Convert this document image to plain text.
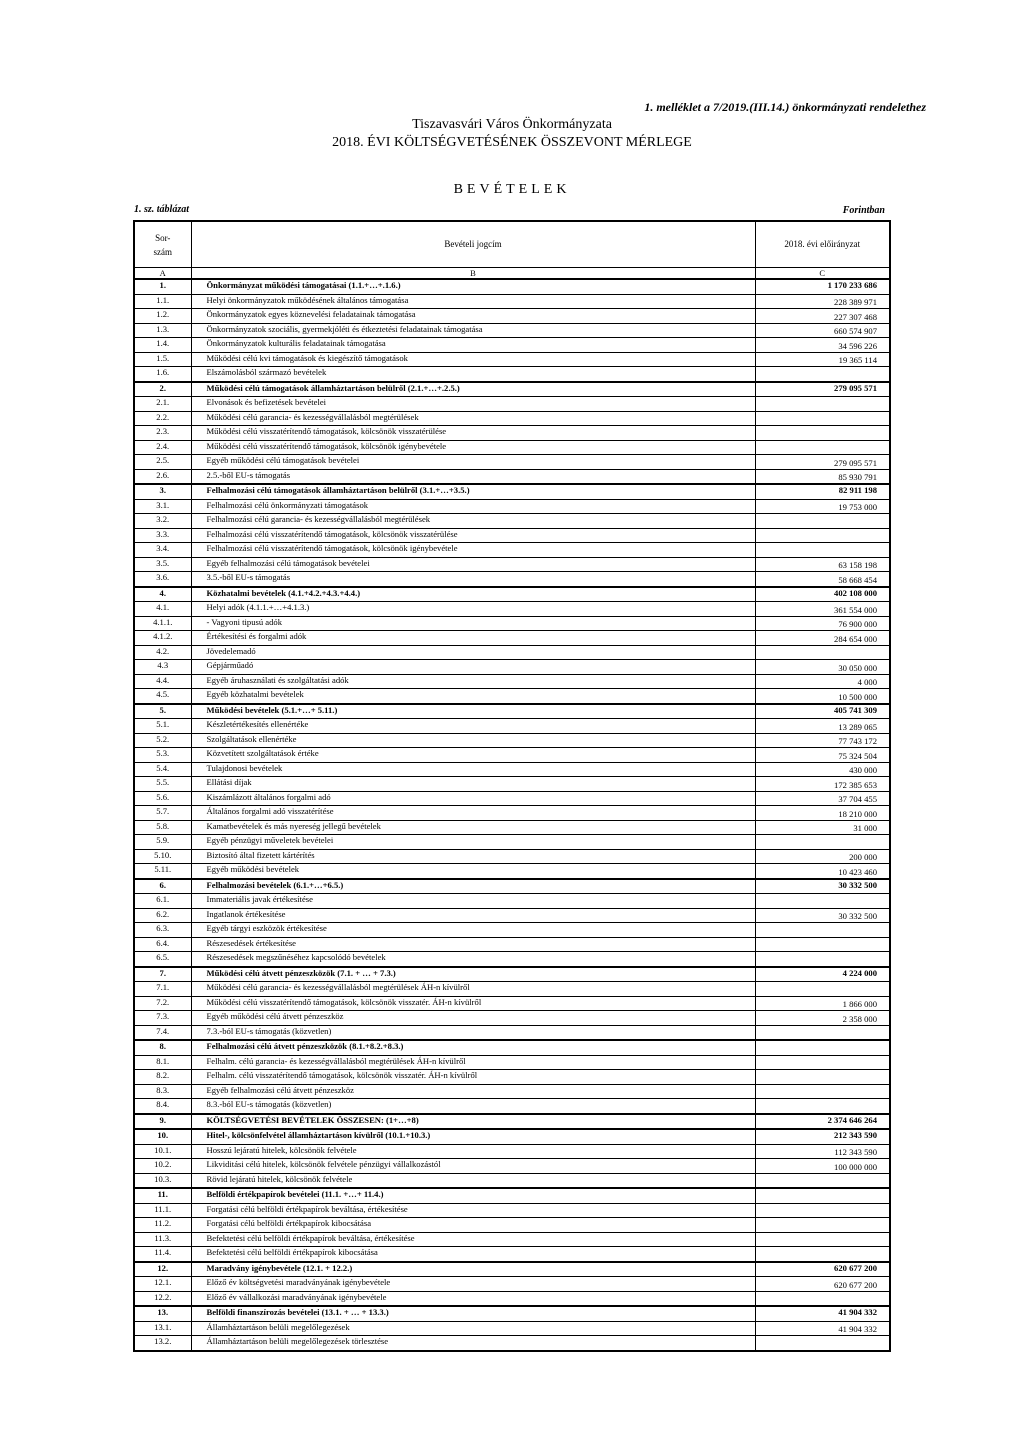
1. melléklet a 7/2019.(III.14.) önkormányzati rendelethez
Tiszavasvári Város Önkormányzata
2018. ÉVI KÖLTSÉGVETÉSÉNEK ÖSSZEVONT MÉRLEGE
BEVÉTELEK
1. sz. táblázat	Forintban
Sor-
szám	Bevételi jogcím	2018. évi előirányzat
A	B	C
1.	Önkormányzat működési támogatásai (1.1.+…+.1.6.)	1 170 233 686
1.1.	Helyi önkormányzatok működésének általános támogatása	228 389 971
1.2.	Önkormányzatok egyes köznevelési feladatainak támogatása	227 307 468
1.3.	Önkormányzatok szociális, gyermekjóléti és étkeztetési feladatainak támogatása	660 574 907
1.4.	Önkormányzatok kulturális feladatainak támogatása	34 596 226
1.5.	Működési célú kvi támogatások és kiegészítő támogatások	19 365 114
1.6.	Elszámolásból származó bevételek	
2.	Működési célú támogatások államháztartáson belülről (2.1.+…+.2.5.)	279 095 571
2.1.	Elvonások és befizetések bevételei	
2.2.	Működési célú garancia- és kezességvállalásból megtérülések	
2.3.	Működési célú visszatérítendő támogatások, kölcsönök visszatérülése	
2.4.	Működési célú visszatérítendő támogatások, kölcsönök igénybevétele	
2.5.	Egyéb működési célú támogatások bevételei	279 095 571
2.6.	2.5.-ből EU-s támogatás	85 930 791
3.	Felhalmozási célú támogatások államháztartáson belülről (3.1.+…+3.5.)	82 911 198
3.1.	Felhalmozási célú önkormányzati támogatások	19 753 000
3.2.	Felhalmozási célú garancia- és kezességvállalásból megtérülések	
3.3.	Felhalmozási célú visszatérítendő támogatások, kölcsönök visszatérülése	
3.4.	Felhalmozási célú visszatérítendő támogatások, kölcsönök igénybevétele	
3.5.	Egyéb felhalmozási célú támogatások bevételei	63 158 198
3.6.	3.5.-ből EU-s támogatás	58 668 454
4.	Közhatalmi bevételek (4.1.+4.2.+4.3.+4.4.)	402 108 000
4.1.	Helyi adók (4.1.1.+…+4.1.3.)	361 554 000
4.1.1.	- Vagyoni tipusú adók	76 900 000
4.1.2.	Értékesítési és forgalmi adók	284 654 000
4.2.	Jövedelemadó	
4.3	Gépjárműadó	30 050 000
4.4.	Egyéb áruhasználati és szolgáltatási adók	4 000
4.5.	Egyéb közhatalmi bevételek	10 500 000
5.	Működési bevételek (5.1.+…+ 5.11.)	405 741 309
5.1.	Készletértékesítés ellenértéke	13 289 065
5.2.	Szolgáltatások ellenértéke	77 743 172
5.3.	Közvetített szolgáltatások értéke	75 324 504
5.4.	Tulajdonosi bevételek	430 000
5.5.	Ellátási díjak	172 385 653
5.6.	Kiszámlázott általános forgalmi adó	37 704 455
5.7.	Általános forgalmi adó visszatérítése	18 210 000
5.8.	Kamatbevételek és más nyereség jellegű bevételek	31 000
5.9.	Egyéb pénzügyi műveletek bevételei	
5.10.	Biztosító által fizetett kártérítés	200 000
5.11.	Egyéb működési bevételek	10 423 460
6.	Felhalmozási bevételek (6.1.+…+6.5.)	30 332 500
6.1.	Immateriális javak értékesítése	
6.2.	Ingatlanok értékesítése	30 332 500
6.3.	Egyéb tárgyi eszközök értékesítése	
6.4.	Részesedések értékesítése	
6.5.	Részesedések megszűnéséhez kapcsolódó bevételek	
7.	Működési célú átvett pénzeszközök (7.1. + … + 7.3.)	4 224 000
7.1.	Működési célú garancia- és kezességvállalásból megtérülések ÁH-n kívülről	
7.2.	Működési célú visszatérítendő támogatások, kölcsönök visszatér. ÁH-n kívülről	1 866 000
7.3.	Egyéb működési célú átvett pénzeszköz	2 358 000
7.4.	7.3.-ból EU-s támogatás (közvetlen)	
8.	Felhalmozási célú átvett pénzeszközök (8.1.+8.2.+8.3.)	
8.1.	Felhalm. célú garancia- és kezességvállalásból megtérülések ÁH-n kívülről	
8.2.	Felhalm. célú visszatérítendő támogatások, kölcsönök visszatér. ÁH-n kívülről	
8.3.	Egyéb felhalmozási célú átvett pénzeszköz	
8.4.	8.3.-ból EU-s támogatás (közvetlen)	
9.	KÖLTSÉGVETÉSI BEVÉTELEK ÖSSZESEN: (1+…+8)	2 374 646 264
10.	Hitel-, kölcsönfelvétel államháztartáson kívülről (10.1.+10.3.)	212 343 590
10.1.	Hosszú lejáratú hitelek, kölcsönök felvétele	112 343 590
10.2.	Likviditási célú hitelek, kölcsönök felvétele pénzügyi vállalkozástól	100 000 000
10.3.	Rövid lejáratú hitelek, kölcsönök felvétele	
11.	Belföldi értékpapírok bevételei (11.1. +…+ 11.4.)	
11.1.	Forgatási célú belföldi értékpapírok beváltása, értékesítése	
11.2.	Forgatási célú belföldi értékpapírok kibocsátása	
11.3.	Befektetési célú belföldi értékpapírok beváltása, értékesítése	
11.4.	Befektetési célú belföldi értékpapírok kibocsátása	
12.	Maradvány igénybevétele (12.1. + 12.2.)	620 677 200
12.1.	Előző év költségvetési maradványának igénybevétele	620 677 200
12.2.	Előző év vállalkozási maradványának igénybevétele	
13.	Belföldi finanszírozás bevételei (13.1. + … + 13.3.)	41 904 332
13.1.	Államháztartáson belüli megelőlegezések	41 904 332
13.2.	Államháztartáson belüli megelőlegezések törlesztése	
